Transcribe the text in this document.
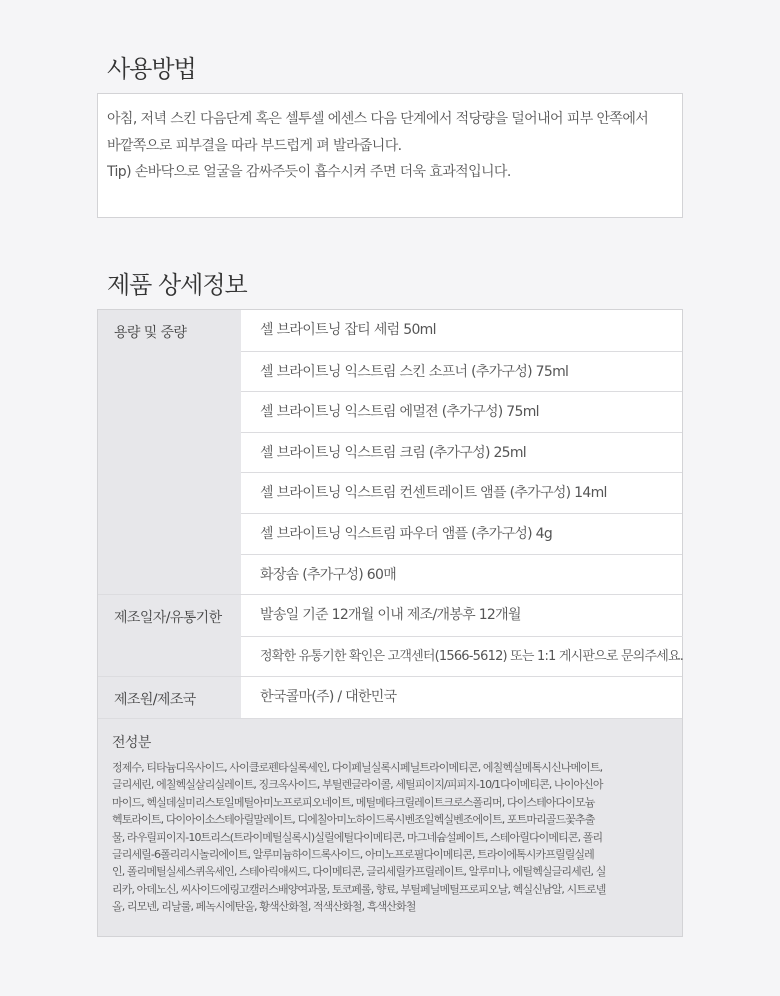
사용방법

아침, 저녁 스킨 다음단계 혹은 셀투셀 에센스 다음 단계에서 적당량을 덜어내어 피부 안쪽에서

바깥쪽으로 피부결을 따라 부드럽게 펴 발라줍니다.

Tip) 손바닥으로 얼굴을 감싸주듯이 흡수시켜 주면 더욱 효과적입니다.

제품 상세정보
용량 및 중량	셀 브라이트닝 잡티 세럼 50ml
셀 브라이트닝 익스트림 스킨 소프너 (추가구성) 75ml
셀 브라이트닝 익스트림 에멀젼 (추가구성) 75ml
셀 브라이트닝 익스트림 크림 (추가구성) 25ml
셀 브라이트닝 익스트림 컨센트레이트 앰플 (추가구성) 14ml
셀 브라이트닝 익스트림 파우더 앰플 (추가구성) 4g
화장솜 (추가구성) 60매
제조일자/유통기한	발송일 기준 12개월 이내 제조/개봉후 12개월
정확한 유통기한 확인은 고객센터(1566-5612) 또는 1:1 게시판으로 문의주세요.
제조원/제조국	한국콜마(주) / 대한민국
전성분

정제수, 티타늄디옥사이드, 사이클로펜타실록세인, 다이페닐실록시페닐트라이메티콘, 에칠헥실메톡시신나메이트,

글리세린, 에칠헥실살리실레이트, 징크옥사이드, 부틸렌글라이콜, 세틸피이지/피피지-10/1다이메티콘, 나이아신아

마이드, 헥실데실미리스토일메틸아미노프로피오네이트, 메틸메타크릴레이트크로스폴리머, 다이스테아다이모늄

헥토라이트, 다이아이소스테아릴말레이트, 디에칠아미노하이드록시벤조일헥실벤조에이트, 포트마리골드꽃추출

물, 라우릴피이지-10트리스(트라이메틸실록시)실릴에틸다이메티콘, 마그네슘설페이트, 스테아릴다이메티콘, 폴리

글리세릴-6폴리리시놀리에이트, 알루미늄하이드록사이드, 아미노프로필다이메티콘, 트라이에톡시카프릴릴실레

인, 폴리메틸실세스퀴옥세인, 스테아릭애씨드, 다이메티콘, 글리세릴카프릴레이트, 알루미나, 에틸헥실글리세린, 실

리카, 아데노신, 씨사이드에링고캘러스배양여과물, 토코페롤, 향료, 부틸페닐메틸프로피오날, 헥실신남알, 시트로넬

올, 리모넨, 리날룰, 페녹시에탄올, 황색산화철, 적색산화철, 흑색산화철
